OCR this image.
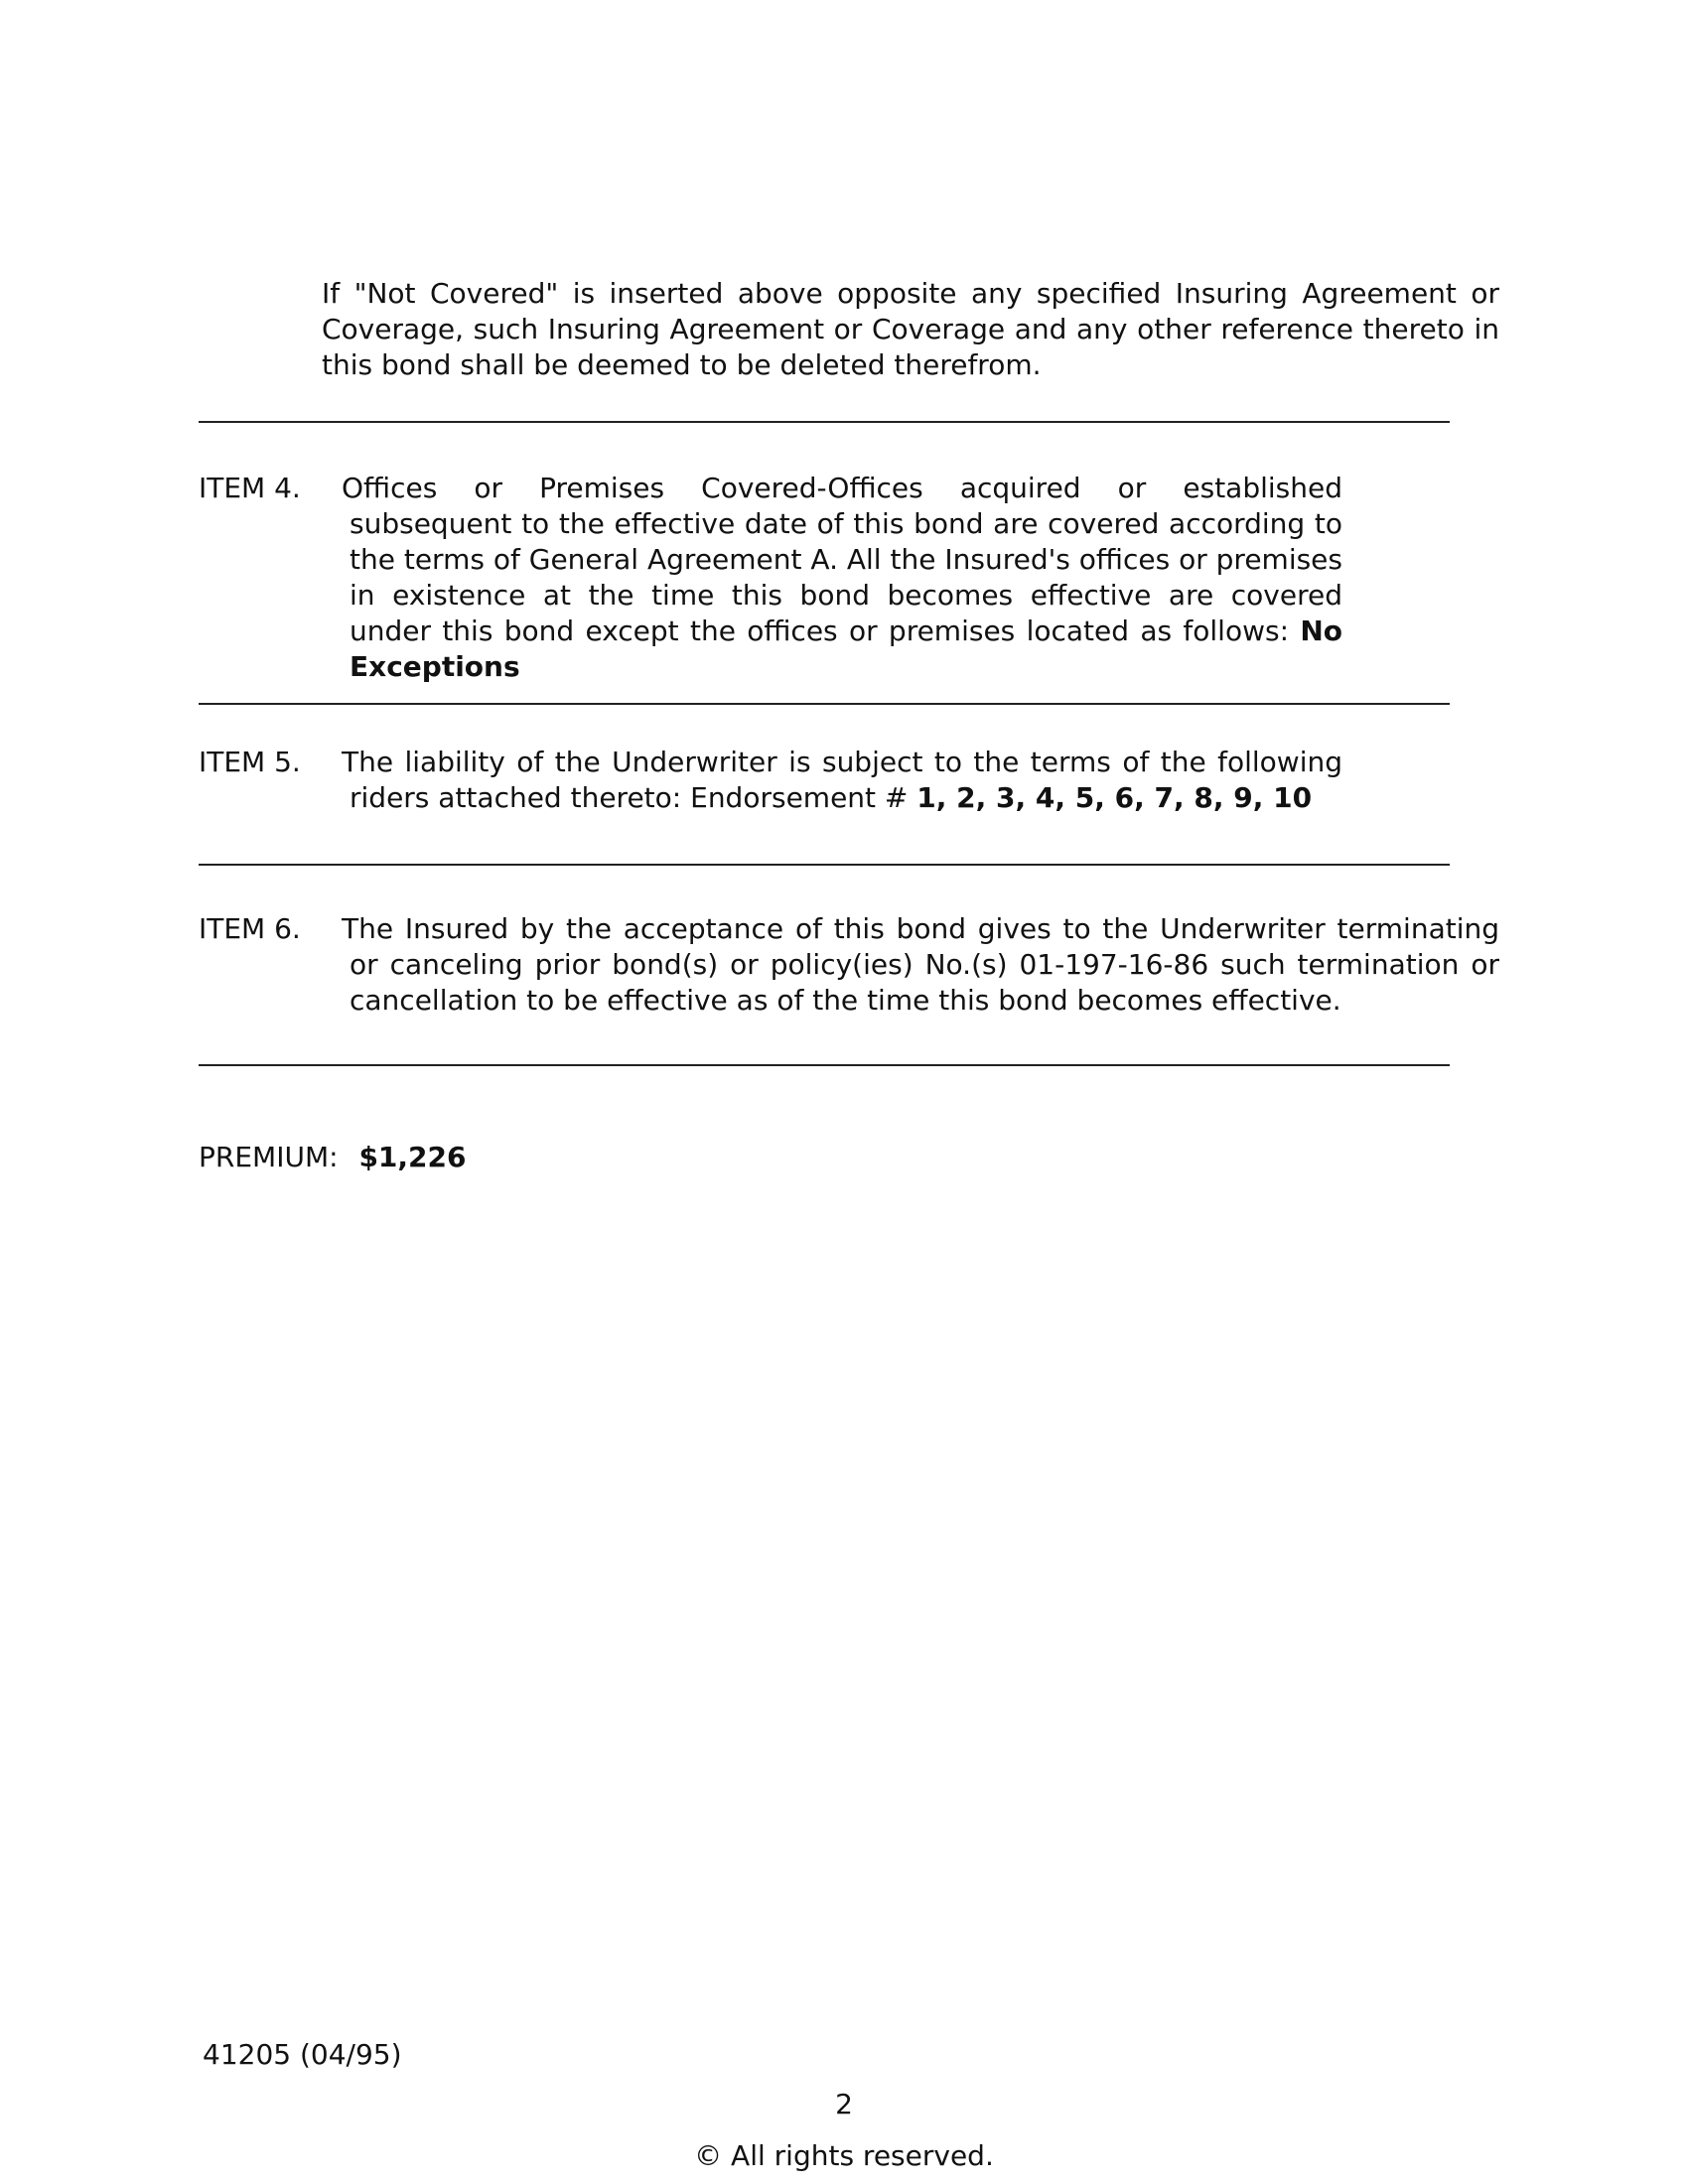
If "Not Covered" is inserted above opposite any specified Insuring Agreement or Coverage, such Insuring Agreement or Coverage and any other reference thereto in this bond shall be deemed to be deleted therefrom.
ITEM 4.	Offices or Premises Covered-Offices acquired or established subsequent to the effective date of this bond are covered according to the terms of General Agreement A. All the Insured's offices or premises in existence at the time this bond becomes effective are covered under this bond except the offices or premises located as follows: No Exceptions
ITEM 5.	The liability of the Underwriter is subject to the terms of the following riders attached thereto: Endorsement # 1, 2, 3, 4, 5, 6, 7, 8, 9, 10
ITEM 6.	The Insured by the acceptance of this bond gives to the Underwriter terminating or canceling prior bond(s) or policy(ies) No.(s) 01-197-16-86 such termination or cancellation to be effective as of the time this bond becomes effective.
PREMIUM: $1,226
41205 (04/95)
2
© All rights reserved.
